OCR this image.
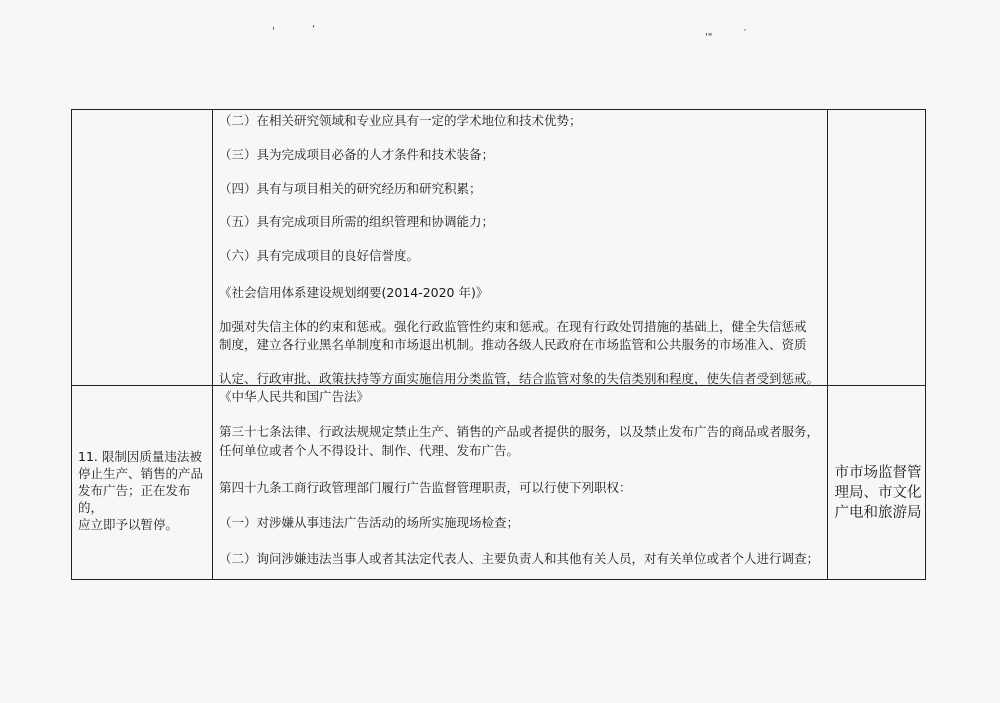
'	‘
'"	′
（二）在相关研究领域和专业应具有一定的学术地位和技术优势；
（三）具为完成项目必备的人才条件和技术装备；
（四）具有与项目相关的研究经历和研究积累；
（五）具有完成项目所需的组织管理和协调能力；
（六）具有完成项目的良好信誉度。
《社会信用体系建设规划纲要(2014-2020 年)》
加强对失信主体的约束和惩戒。强化行政监管性约束和惩戒。在现有行政处罚措施的基础上，健全失信惩戒
制度，建立各行业黑名单制度和市场退出机制。推动各级人民政府在市场监管和公共服务的市场准入、资质
认定、行政审批、政策扶持等方面实施信用分类监管，结合监管对象的失信类别和程度，使失信者受到惩戒。
11. 限制因质量违法被
停止生产、销售的产品
发布广告；正在发布的，
应立即予以暂停。
《中华人民共和国广告法》
第三十七条法律、行政法规规定禁止生产、销售的产品或者提供的服务，以及禁止发布广告的商品或者服务，
任何单位或者个人不得设计、制作、代理、发布广告。
第四十九条工商行政管理部门履行广告监督管理职责，可以行使下列职权：
（一）对涉嫌从事违法广告活动的场所实施现场检查；
（二）询问涉嫌违法当事人或者其法定代表人、主要负责人和其他有关人员，对有关单位或者个人进行调查；
市市场监督管
理局、市文化
广电和旅游局
